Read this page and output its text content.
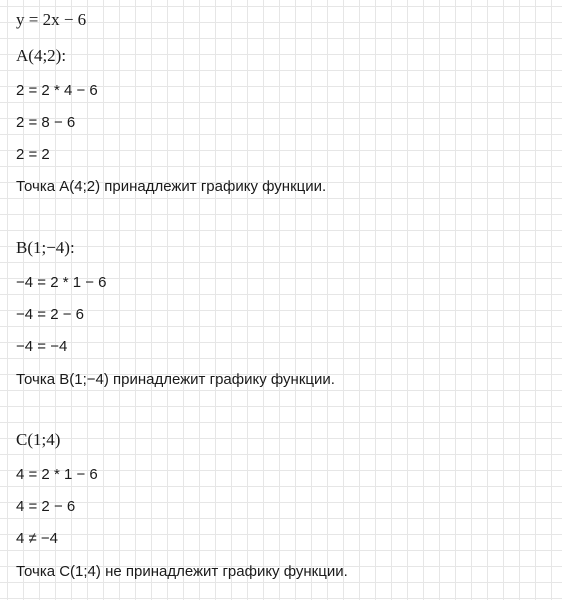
y = 2x − 6
A(4;2):
2 = 2 * 4 − 6
2 = 8 − 6
2 = 2
Точка A(4;2) принадлежит графику функции.
B(1;−4):
−4 = 2 * 1 − 6
−4 = 2 − 6
−4 = −4
Точка B(1;−4) принадлежит графику функции.
C(1;4)
4 = 2 * 1 − 6
4 = 2 − 6
4 ≠ −4
Точка C(1;4) не принадлежит графику функции.
